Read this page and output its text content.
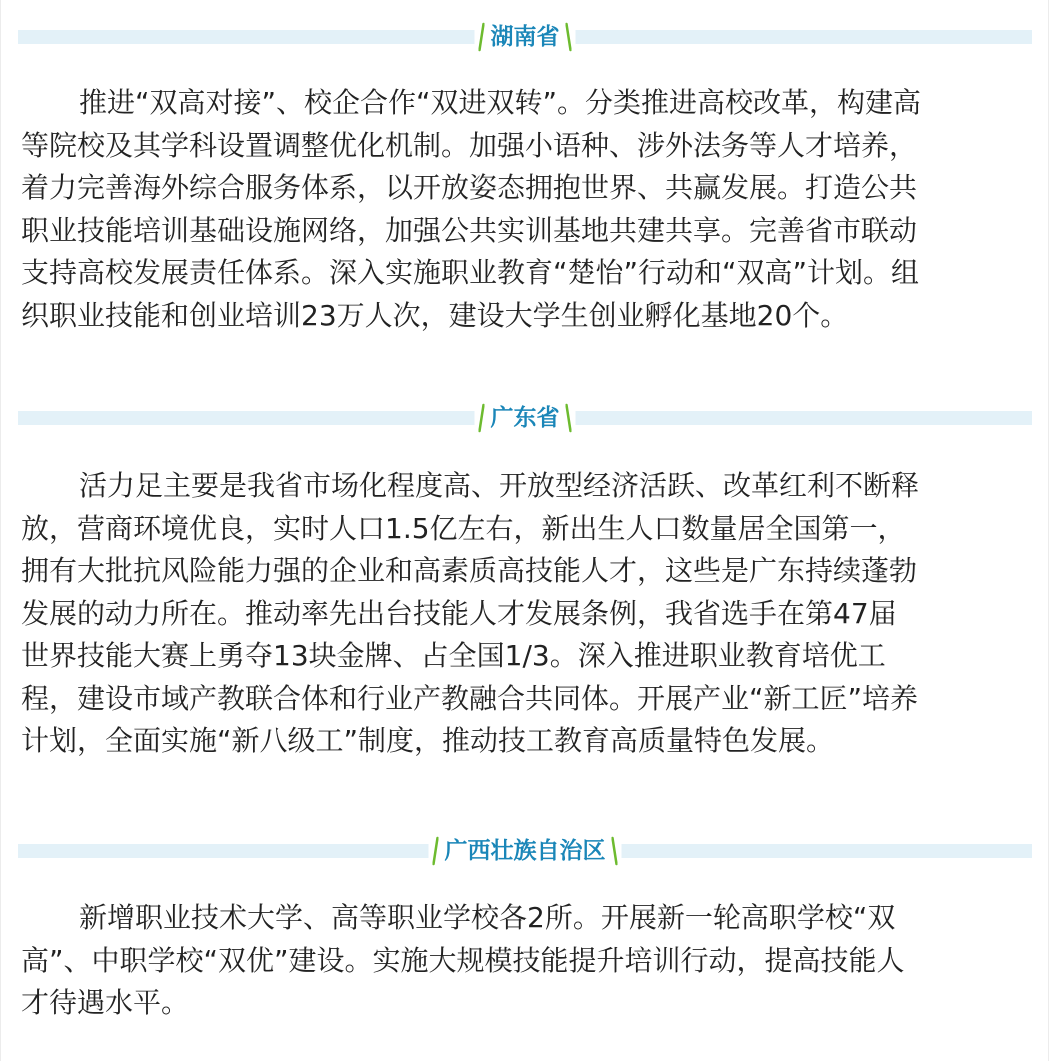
湖南省
推进“双高对接”、校企合作“双进双转”。分类推进高校改革，构建高
等院校及其学科设置调整优化机制。加强小语种、涉外法务等人才培养，
着力完善海外综合服务体系，以开放姿态拥抱世界、共赢发展。打造公共
职业技能培训基础设施网络，加强公共实训基地共建共享。完善省市联动
支持高校发展责任体系。深入实施职业教育“楚怡”行动和“双高”计划。组
织职业技能和创业培训23万人次，建设大学生创业孵化基地20个。
广东省
活力足主要是我省市场化程度高、开放型经济活跃、改革红利不断释
放，营商环境优良，实时人口1.5亿左右，新出生人口数量居全国第一，
拥有大批抗风险能力强的企业和高素质高技能人才，这些是广东持续蓬勃
发展的动力所在。推动率先出台技能人才发展条例，我省选手在第47届
世界技能大赛上勇夺13块金牌、占全国1/3。深入推进职业教育培优工
程，建设市域产教联合体和行业产教融合共同体。开展产业“新工匠”培养
计划，全面实施“新八级工”制度，推动技工教育高质量特色发展。
广西壮族自治区
新增职业技术大学、高等职业学校各2所。开展新一轮高职学校“双
高”、中职学校“双优”建设。实施大规模技能提升培训行动，提高技能人
才待遇水平。
